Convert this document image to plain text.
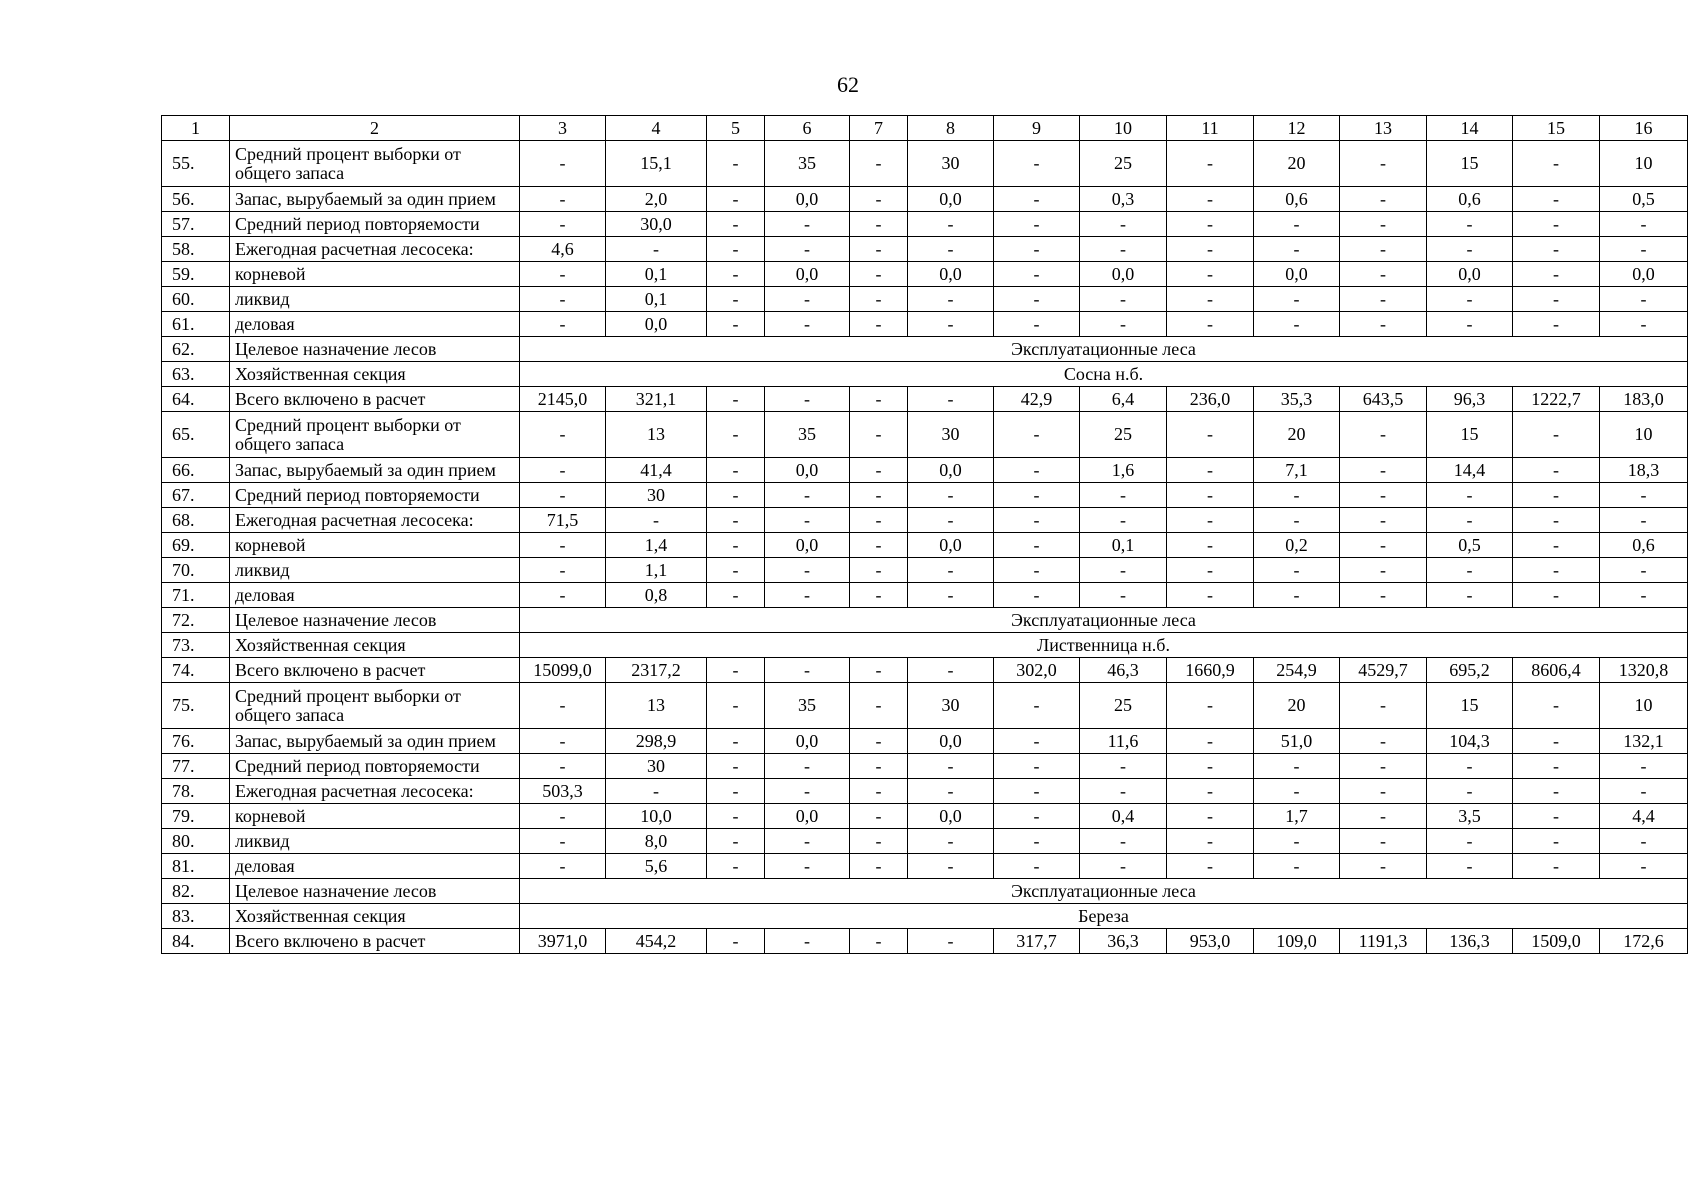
62
1	2	3	4	5	6	7	8	9	10	11	12	13	14	15	16
55.	Средний процент выборки от общего запаса	-	15,1	-	35	-	30	-	25	-	20	-	15	-	10
56.	Запас, вырубаемый за один прием	-	2,0	-	0,0	-	0,0	-	0,3	-	0,6	-	0,6	-	0,5
57.	Средний период повторяемости	-	30,0	-	-	-	-	-	-	-	-	-	-	-	-
58.	Ежегодная расчетная лесосека:	4,6	-	-	-	-	-	-	-	-	-	-	-	-	-
59.	корневой	-	0,1	-	0,0	-	0,0	-	0,0	-	0,0	-	0,0	-	0,0
60.	ликвид	-	0,1	-	-	-	-	-	-	-	-	-	-	-	-
61.	деловая	-	0,0	-	-	-	-	-	-	-	-	-	-	-	-
62.	Целевое назначение лесов	Эксплуатационные леса													
63.	Хозяйственная секция	Сосна н.б.													
64.	Всего включено в расчет	2145,0	321,1	-	-	-	-	42,9	6,4	236,0	35,3	643,5	96,3	1222,7	183,0
65.	Средний процент выборки от общего запаса	-	13	-	35	-	30	-	25	-	20	-	15	-	10
66.	Запас, вырубаемый за один прием	-	41,4	-	0,0	-	0,0	-	1,6	-	7,1	-	14,4	-	18,3
67.	Средний период повторяемости	-	30	-	-	-	-	-	-	-	-	-	-	-	-
68.	Ежегодная расчетная лесосека:	71,5	-	-	-	-	-	-	-	-	-	-	-	-	-
69.	корневой	-	1,4	-	0,0	-	0,0	-	0,1	-	0,2	-	0,5	-	0,6
70.	ликвид	-	1,1	-	-	-	-	-	-	-	-	-	-	-	-
71.	деловая	-	0,8	-	-	-	-	-	-	-	-	-	-	-	-
72.	Целевое назначение лесов	Эксплуатационные леса													
73.	Хозяйственная секция	Лиственница н.б.													
74.	Всего включено в расчет	15099,0	2317,2	-	-	-	-	302,0	46,3	1660,9	254,9	4529,7	695,2	8606,4	1320,8
75.	Средний процент выборки от общего запаса	-	13	-	35	-	30	-	25	-	20	-	15	-	10
76.	Запас, вырубаемый за один прием	-	298,9	-	0,0	-	0,0	-	11,6	-	51,0	-	104,3	-	132,1
77.	Средний период повторяемости	-	30	-	-	-	-	-	-	-	-	-	-	-	-
78.	Ежегодная расчетная лесосека:	503,3	-	-	-	-	-	-	-	-	-	-	-	-	-
79.	корневой	-	10,0	-	0,0	-	0,0	-	0,4	-	1,7	-	3,5	-	4,4
80.	ликвид	-	8,0	-	-	-	-	-	-	-	-	-	-	-	-
81.	деловая	-	5,6	-	-	-	-	-	-	-	-	-	-	-	-
82.	Целевое назначение лесов	Эксплуатационные леса													
83.	Хозяйственная секция	Береза													
84.	Всего включено в расчет	3971,0	454,2	-	-	-	-	317,7	36,3	953,0	109,0	1191,3	136,3	1509,0	172,6
